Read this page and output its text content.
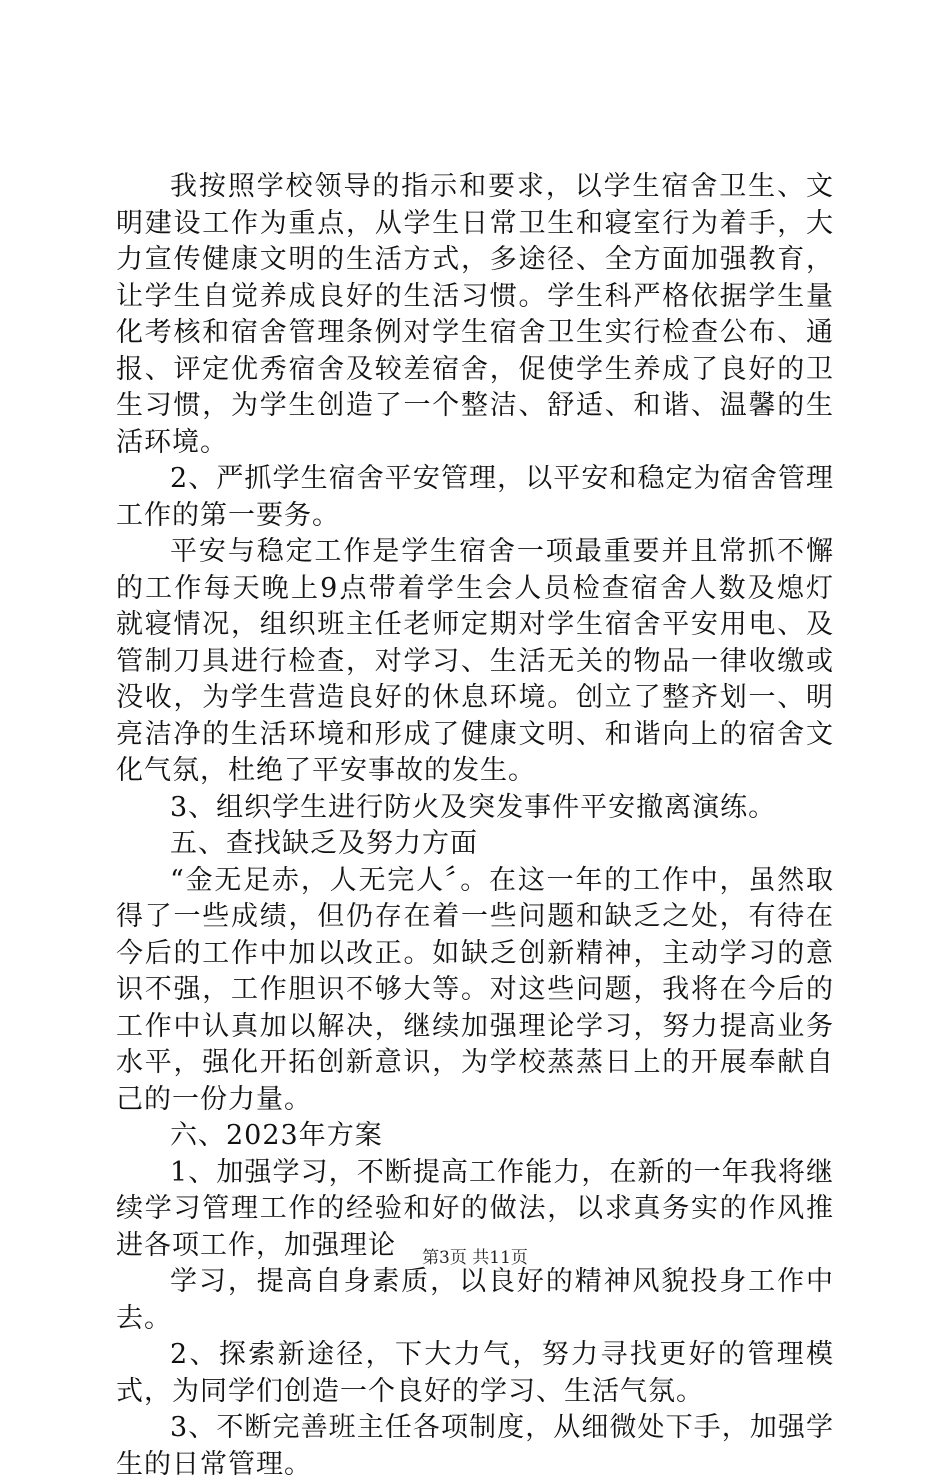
我按照学校领导的指示和要求，以学生宿舍卫生、文明建设工作为重点，从学生日常卫生和寝室行为着手，大力宣传健康文明的生活方式，多途径、全方面加强教育，让学生自觉养成良好的生活习惯。学生科严格依据学生量化考核和宿舍管理条例对学生宿舍卫生实行检查公布、通报、评定优秀宿舍及较差宿舍，促使学生养成了良好的卫生习惯，为学生创造了一个整洁、舒适、和谐、温馨的生活环境。

2、严抓学生宿舍平安管理，以平安和稳定为宿舍管理工作的第一要务。

平安与稳定工作是学生宿舍一项最重要并且常抓不懈的工作每天晚上9点带着学生会人员检查宿舍人数及熄灯就寝情况，组织班主任老师定期对学生宿舍平安用电、及管制刀具进行检查，对学习、生活无关的物品一律收缴或没收，为学生营造良好的休息环境。创立了整齐划一、明亮洁净的生活环境和形成了健康文明、和谐向上的宿舍文化气氛，杜绝了平安事故的发生。

3、组织学生进行防火及突发事件平安撤离演练。

五、查找缺乏及努力方面

“金无足赤，人无完人〞。在这一年的工作中，虽然取得了一些成绩，但仍存在着一些问题和缺乏之处，有待在今后的工作中加以改正。如缺乏创新精神，主动学习的意识不强，工作胆识不够大等。对这些问题，我将在今后的工作中认真加以解决，继续加强理论学习，努力提高业务水平，强化开拓创新意识，为学校蒸蒸日上的开展奉献自己的一份力量。

六、2023年方案

1、加强学习，不断提高工作能力，在新的一年我将继续学习管理工作的经验和好的做法，以求真务实的作风推进各项工作，加强理论

学习，提高自身素质，以良好的精神风貌投身工作中去。

2、探索新途径，下大力气，努力寻找更好的管理模式，为同学们创造一个良好的学习、生活气氛。

3、不断完善班主任各项制度，从细微处下手，加强学生的日常管理。

第3页 共11页
